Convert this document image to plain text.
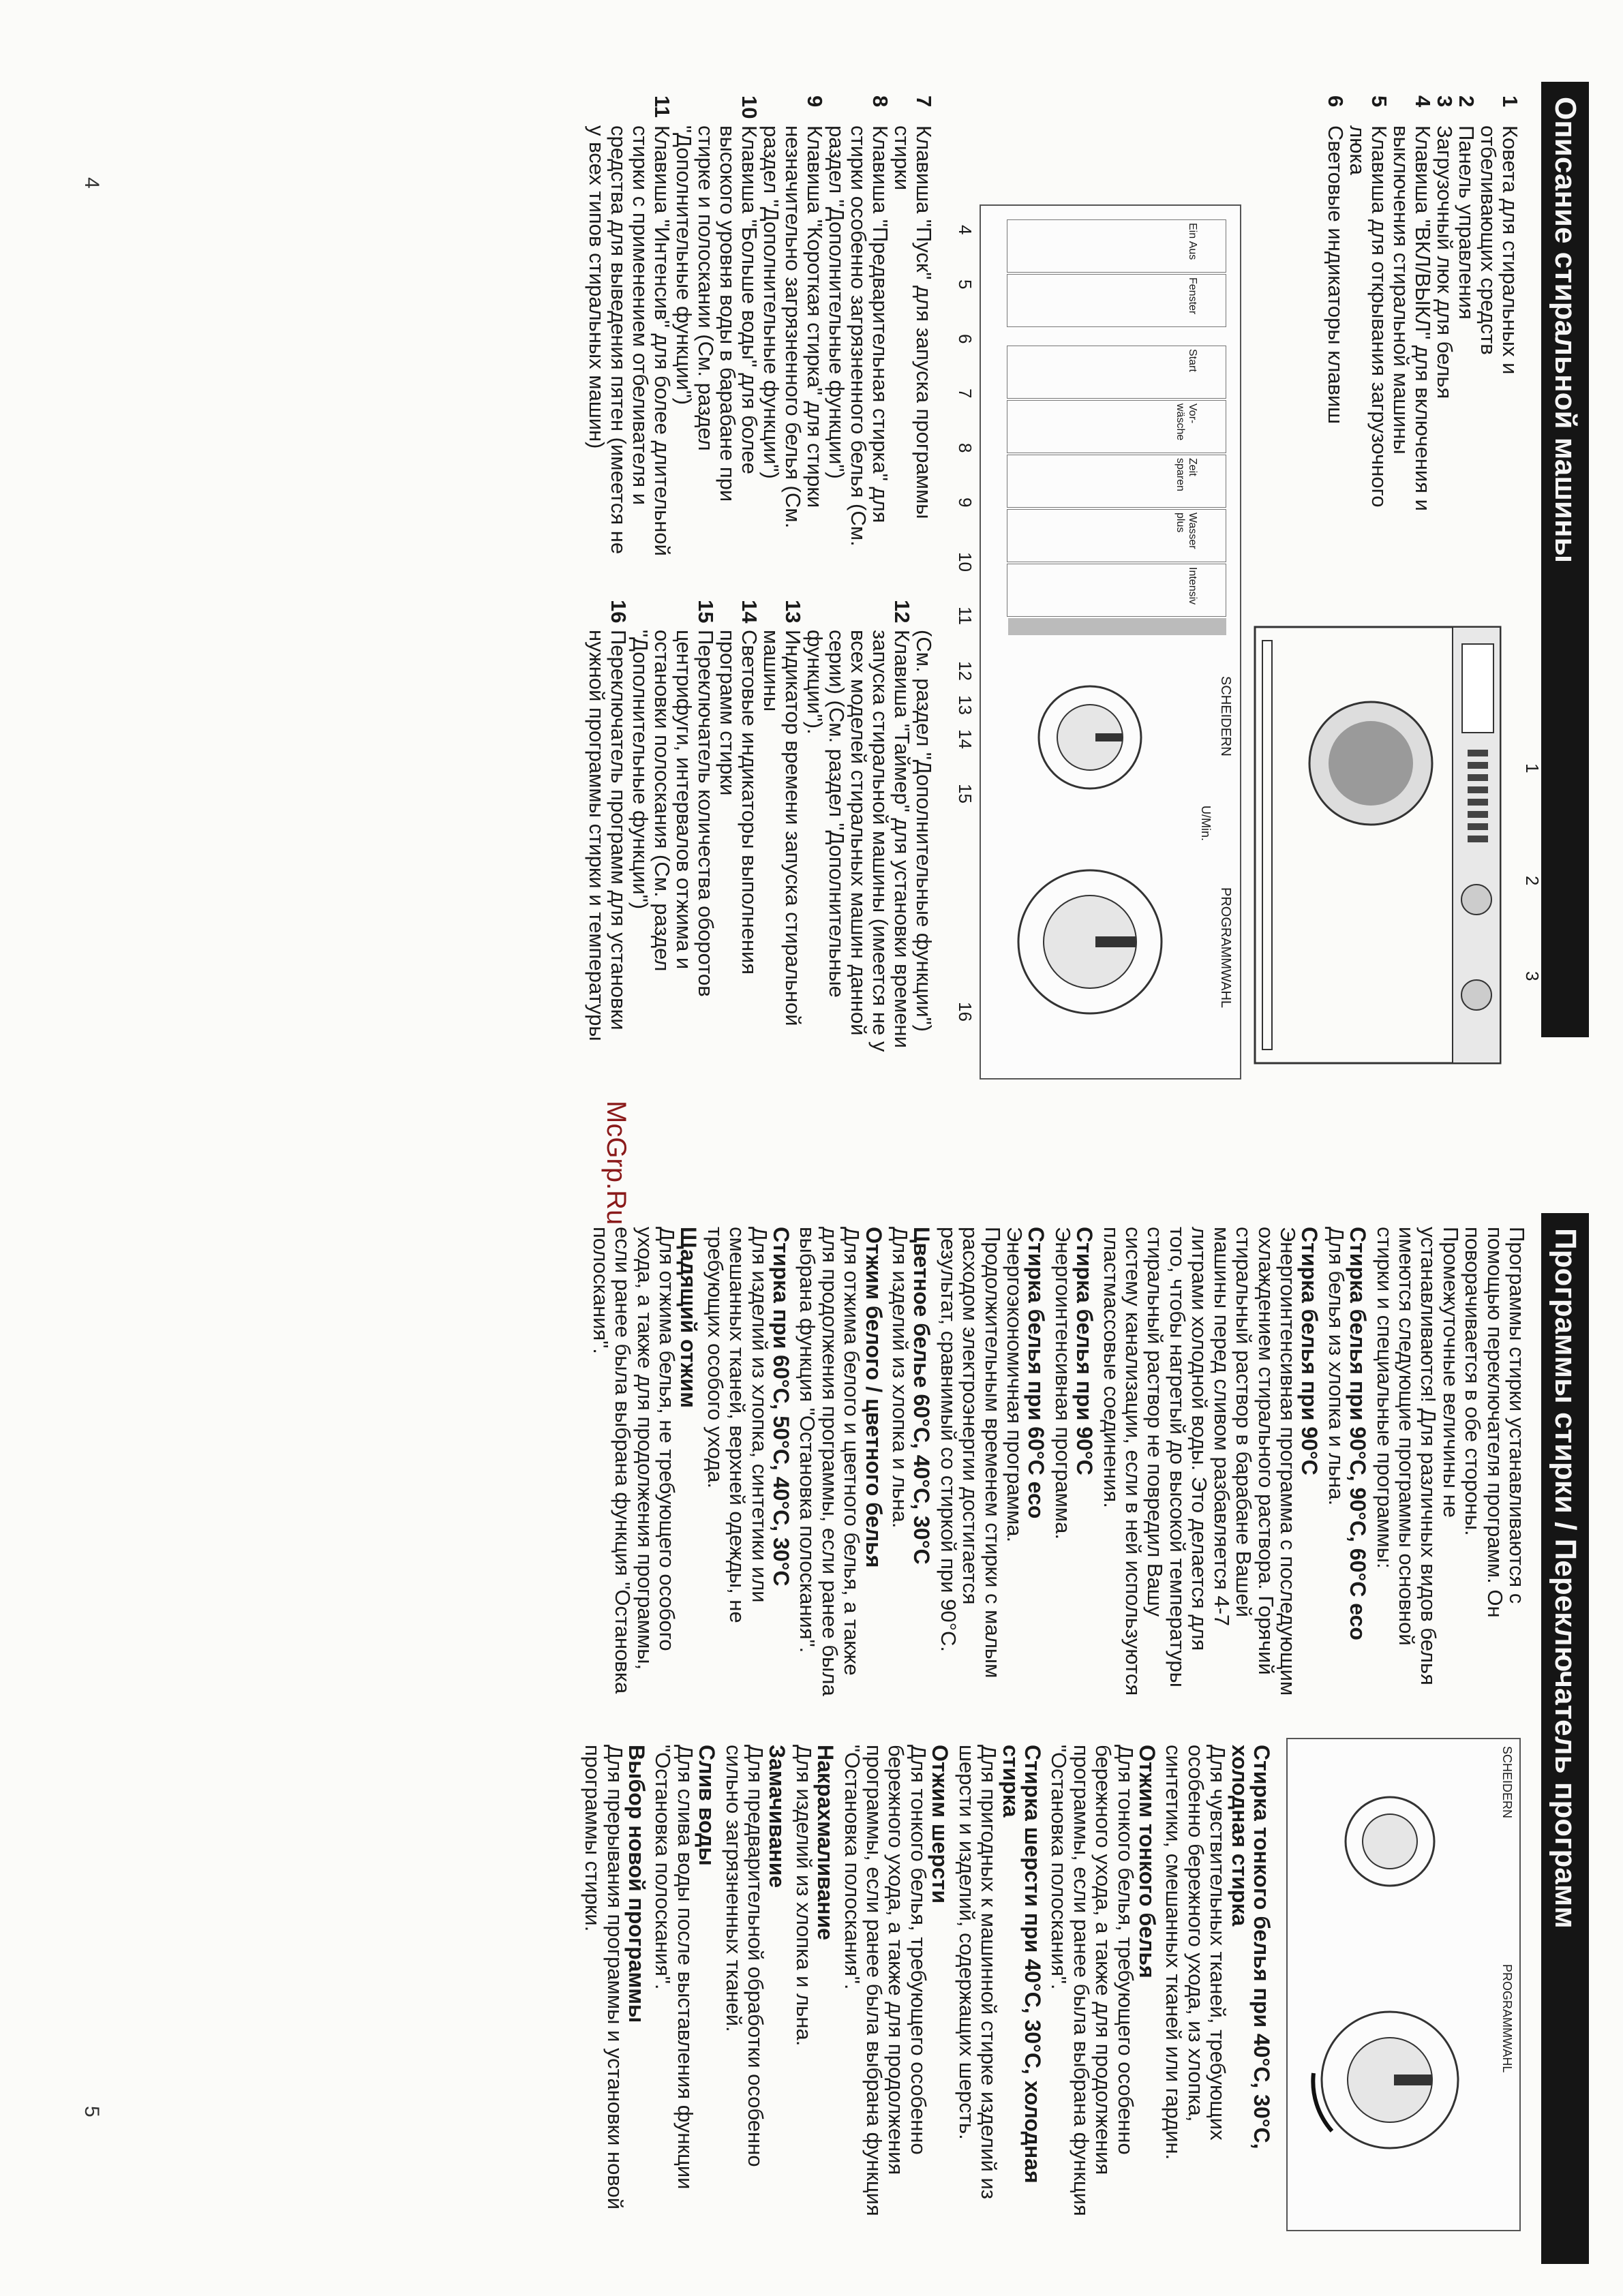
Описание стиральной машины
1
Ковета для стиральных и отбеливающих средств
2
Панель управления
3
Загрузочный люк для белья
4
Клавиша "ВКЛ/ВЫКЛ" для включения и выключения стиральной машины
5
Клавиша для открывания загрузочного люка
6
Световые индикаторы клавиш
1
2
3
SCHEIDERN
PROGRAMMWAHL
U/Min.
Ein Aus
Fenster
Start
Vor-wäsche
Zeit sparen
Wasser plus
Intensiv
4
5
6
7
8
9
10
11
12
13
14
15
16
7
Клавиша "Пуск" для запуска программы стирки
8
Клавиша "Предварительная стирка" для стирки особенно загрязненного белья (См. раздел "Дополнительные функции")
9
Клавиша "Короткая стирка" для стирки незначительно загрязненного белья (См. раздел "Дополнительные функции")
10
Клавиша "Больше воды" для более высокого уровня воды в барабане при стирке и полоскании (См. раздел "Дополнительные функции")
11
Клавиша "Интенсив" для более длительной стирки с применением отбеливателя и средства для выведения пятен (имеется не у всех типов стиральных машин)
(См. раздел "Дополнительные функции")
12
Клавиша "Таймер" для установки времени запуска стиральной машины (имеется не у всех моделей стиральных машин данной серии) (См. раздел "Дополнительные функции").
13
Индикатор времени запуска стиральной машины
14
Световые индикаторы выполнения программ стирки
15
Переключатель количества оборотов центрифуги, интервалов отжима и остановки полоскания (См. раздел "Дополнительные функции")
16
Переключатель программ для установки нужной программы стирки и температуры
4
McGrp.Ru
Программы стирки / Переключатель программ

Программы стирки устанавливаются с помощью переключателя программ. Он поворачивается в обе стороны. Промежуточные величины не устанавливаются! Для различных видов белья имеются следующие программы основной стирки и специальные программы:

Стирка белья при 90°С, 90°С, 60°С есо

Для белья из хлопка и льна.

Стирка белья при 90°С

Энергоинтенсивная программа с последующим охлаждением стирального раствора. Горячий стиральный раствор в барабане Вашей машины перед сливом разбавляется 4-7 литрами холодной воды. Это делается для того, чтобы нагретый до высокой температуры стиральный раствор не повредил Вашу систему канализации, если в ней используются пластмассовые соединения.

Стирка белья при 90°С

Энергоинтенсивная программа.

Стирка белья при 60°С есо

Энергоэкономичная программа. Продолжительным временем стирки с малым расходом электроэнергии достигается результат, сравнимый со стиркой при 90°С.

Цветное белье 60°С, 40°С, 30°С

Для изделий из хлопка и льна.

Отжим белого / цветного белья

Для отжима белого и цветного белья, а также для продолжения программы, если ранее была выбрана функция "Остановка полоскания".

Стирка при 60°С, 50°С, 40°С, 30°С

Для изделий из хлопка, синтетики или смешанных тканей, верхней одежды, не требующих особого ухода.

Щадящий отжим

Для отжима белья, не требующего особого ухода, а также для продолжения программы, если ранее была выбрана функция "Остановка полоскания".

SCHEIDERN
PROGRAMMWAHL
Стирка тонкого белья при 40°С, 30°С, холодная стирка

Для чувствительных тканей, требующих особенно бережного ухода, из хлопка, синтетики, смешанных тканей или гардин.

Отжим тонкого белья

Для тонкого белья, требующего особенно бережного ухода, а также для продолжения программы, если ранее была выбрана функция "Остановка полоскания".

Стирка шерсти при 40°С, 30°С, холодная стирка

Для пригодных к машинной стирке изделий из шерсти и изделий, содержащих шерсть.

Отжим шерсти

Для тонкого белья, требующего особенно бережного ухода, а также для продолжения программы, если ранее была выбрана функция "Остановка полоскания".

Накрахмаливание

Для изделий из хлопка и льна.

Замачивание

Для предварительной обработки особенно сильно загрязненных тканей.

Слив воды

Для слива воды после выставления функции "Остановка полоскания".

Выбор новой программы

Для прерывания программы и установки новой программы стирки.

5
